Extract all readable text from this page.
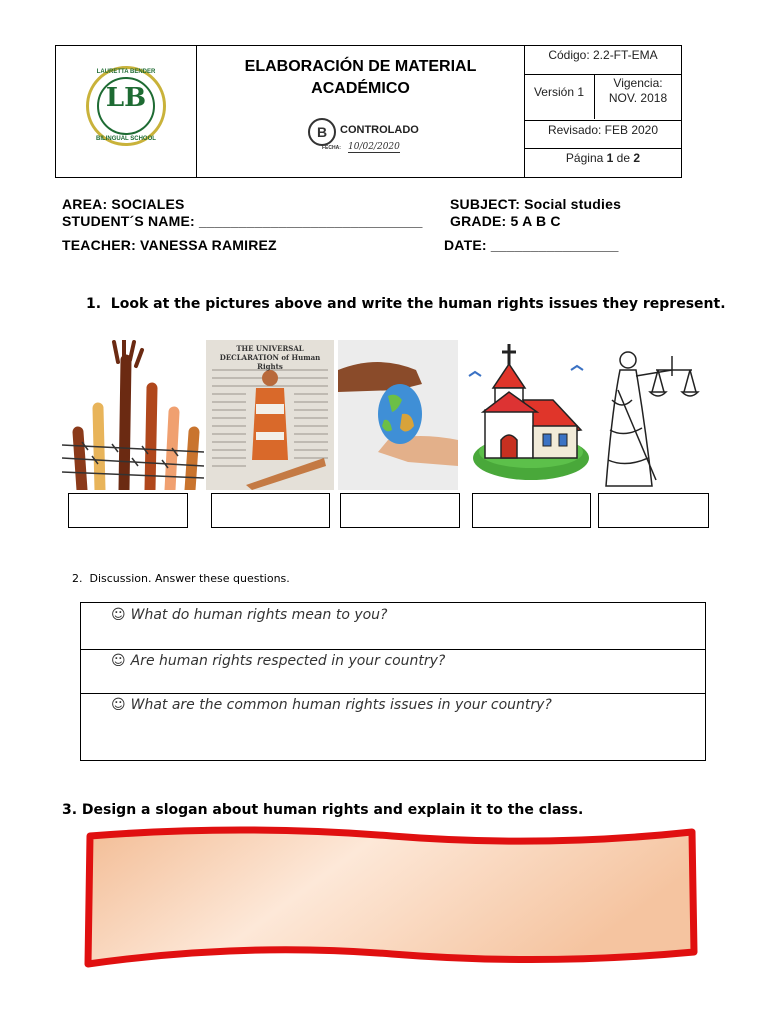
LAURETTA BENDER
LB
BILINGUAL SCHOOL
ELABORACIÓN DE MATERIAL
ACADÉMICO
B	CONTROLADO
FECHA: 10/02/2020
Código: 2.2-FT-EMA
Versión 1
Vigencia:
NOV. 2018
Revisado: FEB 2020
Página 1 de 2
AREA: SOCIALES	SUBJECT: Social studies
STUDENT´S NAME: ____________________________ GRADE: 5 A B C
TEACHER: VANESSA RAMIREZ	DATE: ________________
1.  Look at the pictures above and write the human rights issues they represent.
THE UNIVERSAL DECLARATION of Human Rights
2.  Discussion. Answer these questions.
☺ What do human rights mean to you?
☺ Are human rights respected in your country?
☺ What are the common human rights issues in your country?
3. Design a slogan about human rights and explain it to the class.
